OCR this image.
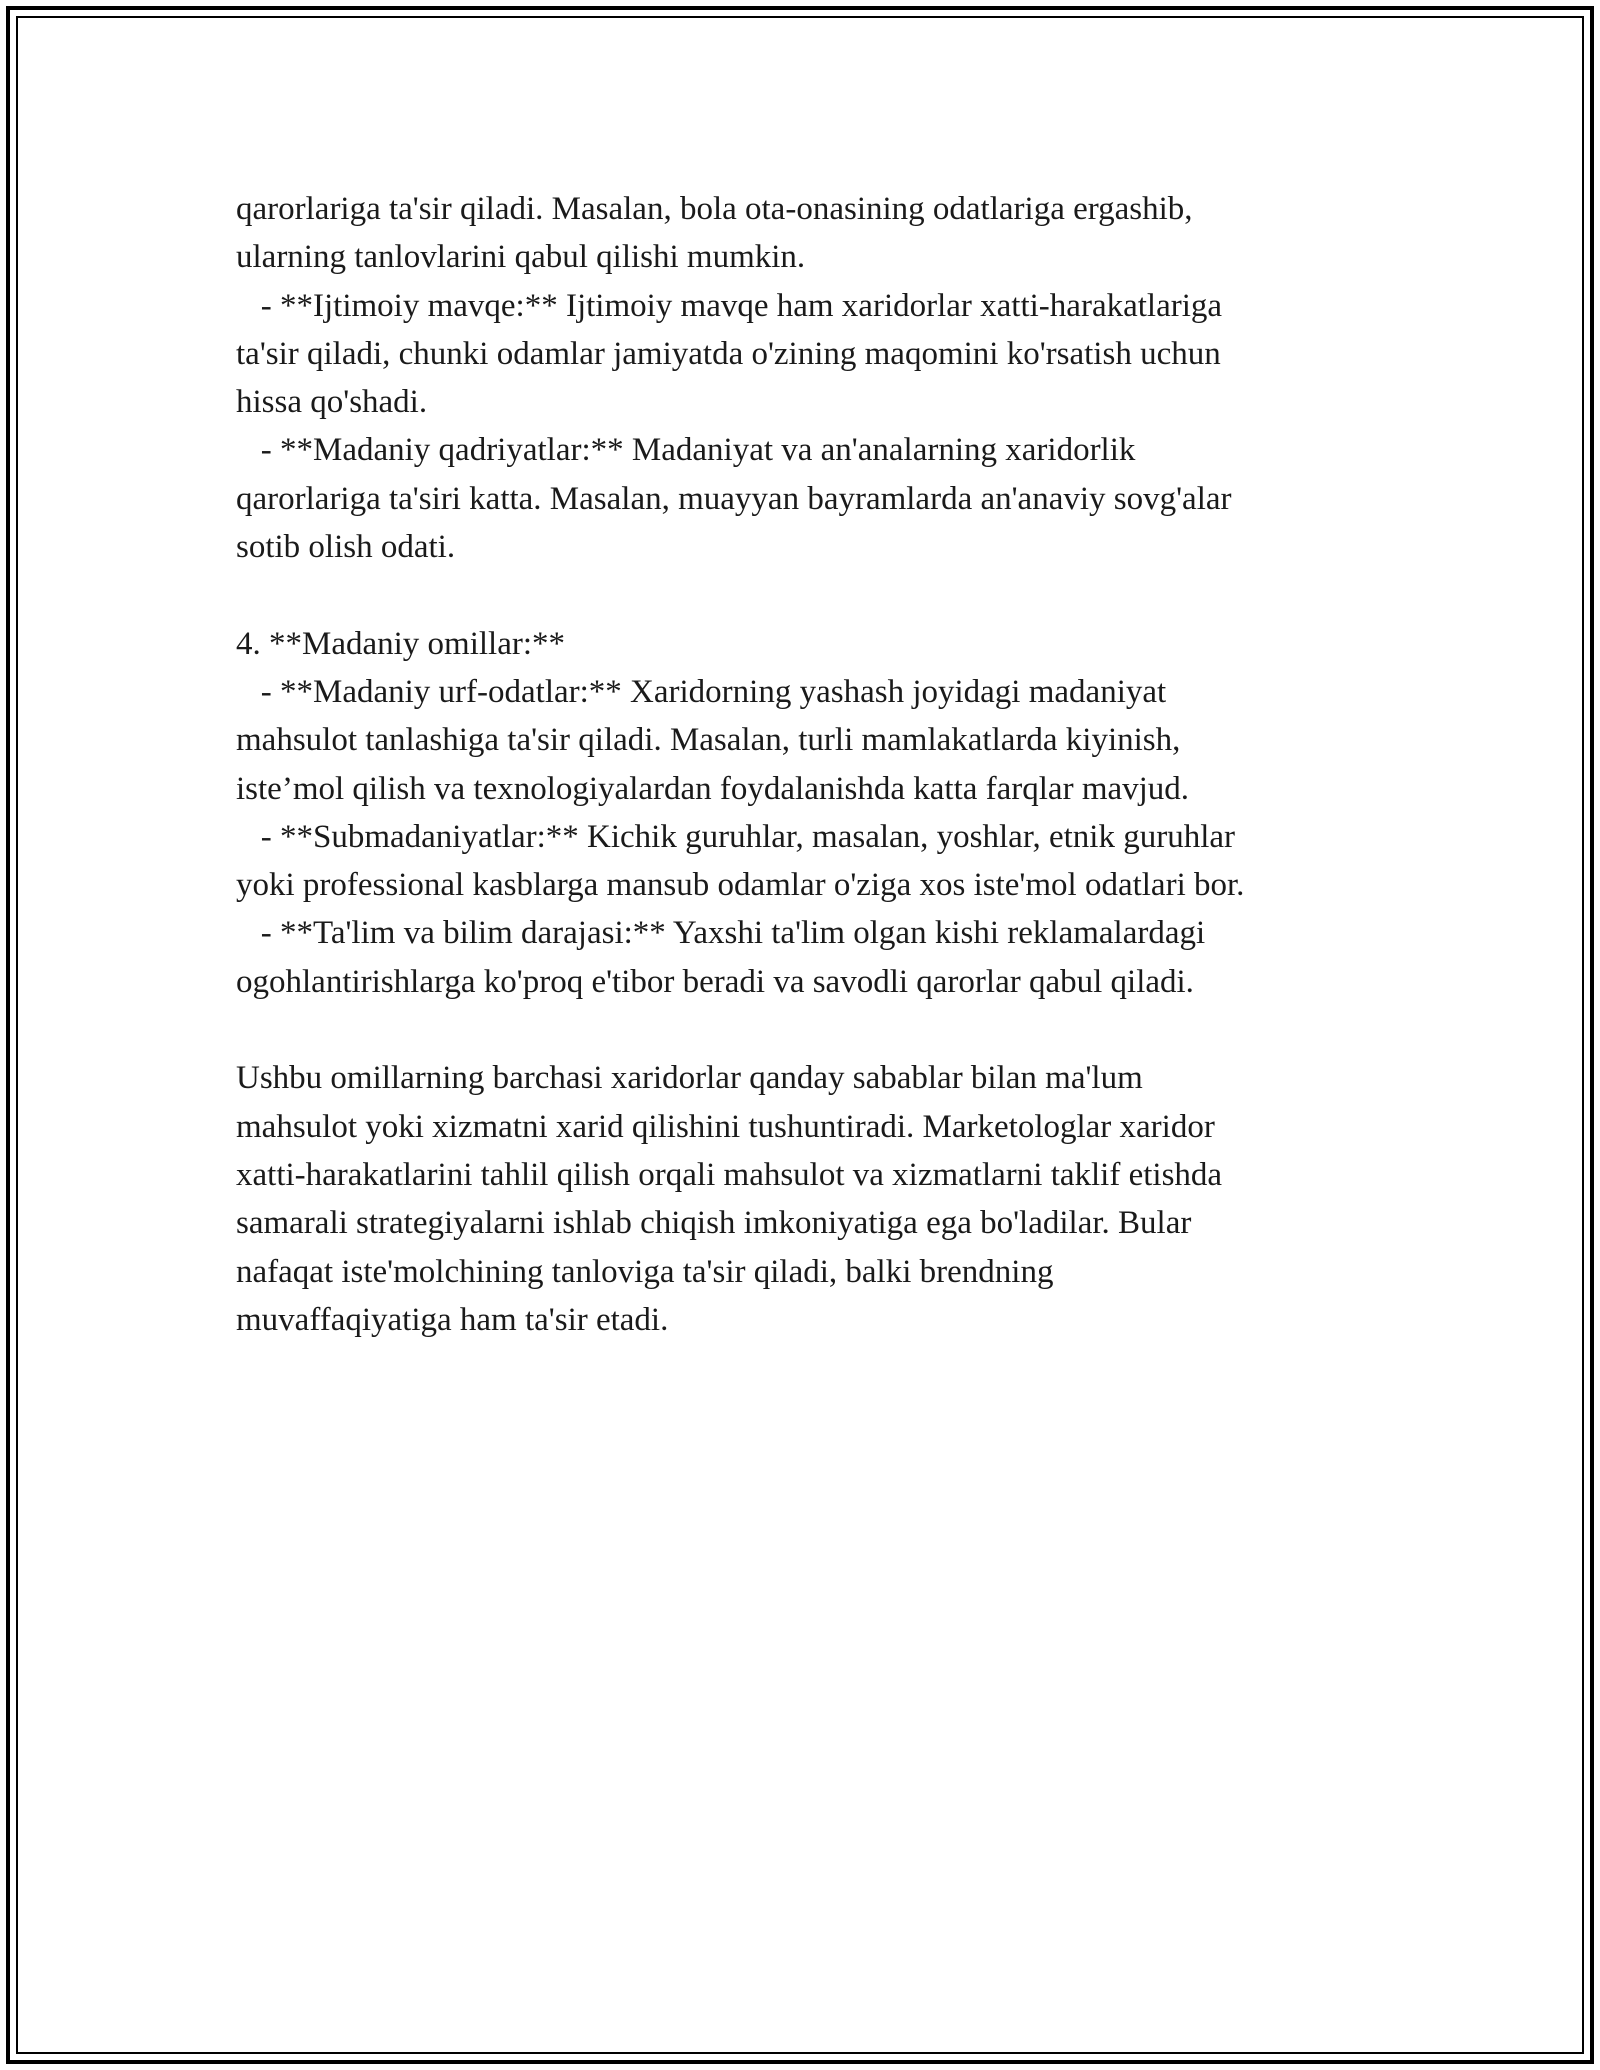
qarorlariga ta'sir qiladi. Masalan, bola ota-onasining odatlariga ergashib,
ularning tanlovlarini qabul qilishi mumkin.
- **Ijtimoiy mavqe:** Ijtimoiy mavqe ham xaridorlar xatti-harakatlariga
ta'sir qiladi, chunki odamlar jamiyatda o'zining maqomini ko'rsatish uchun
hissa qo'shadi.
- **Madaniy qadriyatlar:** Madaniyat va an'analarning xaridorlik
qarorlariga ta'siri katta. Masalan, muayyan bayramlarda an'anaviy sovg'alar
sotib olish odati.
4. **Madaniy omillar:**
- **Madaniy urf-odatlar:** Xaridorning yashash joyidagi madaniyat
mahsulot tanlashiga ta'sir qiladi. Masalan, turli mamlakatlarda kiyinish,
iste’mol qilish va texnologiyalardan foydalanishda katta farqlar mavjud.
- **Submadaniyatlar:** Kichik guruhlar, masalan, yoshlar, etnik guruhlar
yoki professional kasblarga mansub odamlar o'ziga xos iste'mol odatlari bor.
- **Ta'lim va bilim darajasi:** Yaxshi ta'lim olgan kishi reklamalardagi
ogohlantirishlarga ko'proq e'tibor beradi va savodli qarorlar qabul qiladi.
Ushbu omillarning barchasi xaridorlar qanday sabablar bilan ma'lum
mahsulot yoki xizmatni xarid qilishini tushuntiradi. Marketologlar xaridor
xatti-harakatlarini tahlil qilish orqali mahsulot va xizmatlarni taklif etishda
samarali strategiyalarni ishlab chiqish imkoniyatiga ega bo'ladilar. Bular
nafaqat iste'molchining tanloviga ta'sir qiladi, balki brendning
muvaffaqiyatiga ham ta'sir etadi.
